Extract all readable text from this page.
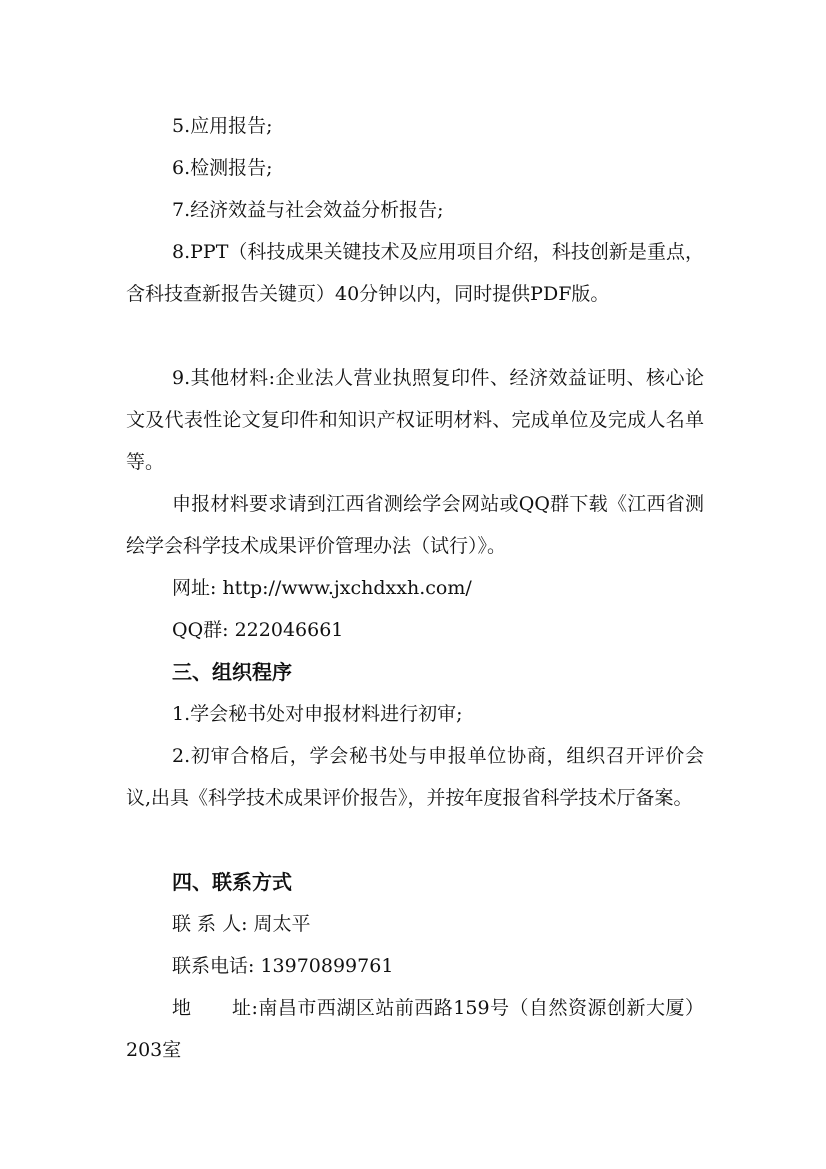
5.应用报告;

6.检测报告;

7.经济效益与社会效益分析报告;

8.PPT（科技成果关键技术及应用项目介绍，科技创新是重点，含科技查新报告关键页）40分钟以内，同时提供PDF版。

9.其他材料:企业法人营业执照复印件、经济效益证明、核心论文及代表性论文复印件和知识产权证明材料、完成单位及完成人名单等。

申报材料要求请到江西省测绘学会网站或QQ群下载《江西省测绘学会科学技术成果评价管理办法（试行）》。

网址: http://www.jxchdxxh.com/

QQ群: 222046661

三、组织程序

1.学会秘书处对申报材料进行初审;

2.初审合格后，学会秘书处与申报单位协商，组织召开评价会议,出具《科学技术成果评价报告》，并按年度报省科学技术厅备案。

四、联系方式

联 系 人: 周太平

联系电话: 13970899761

地 址:南昌市西湖区站前西路159号（自然资源创新大厦）203室
